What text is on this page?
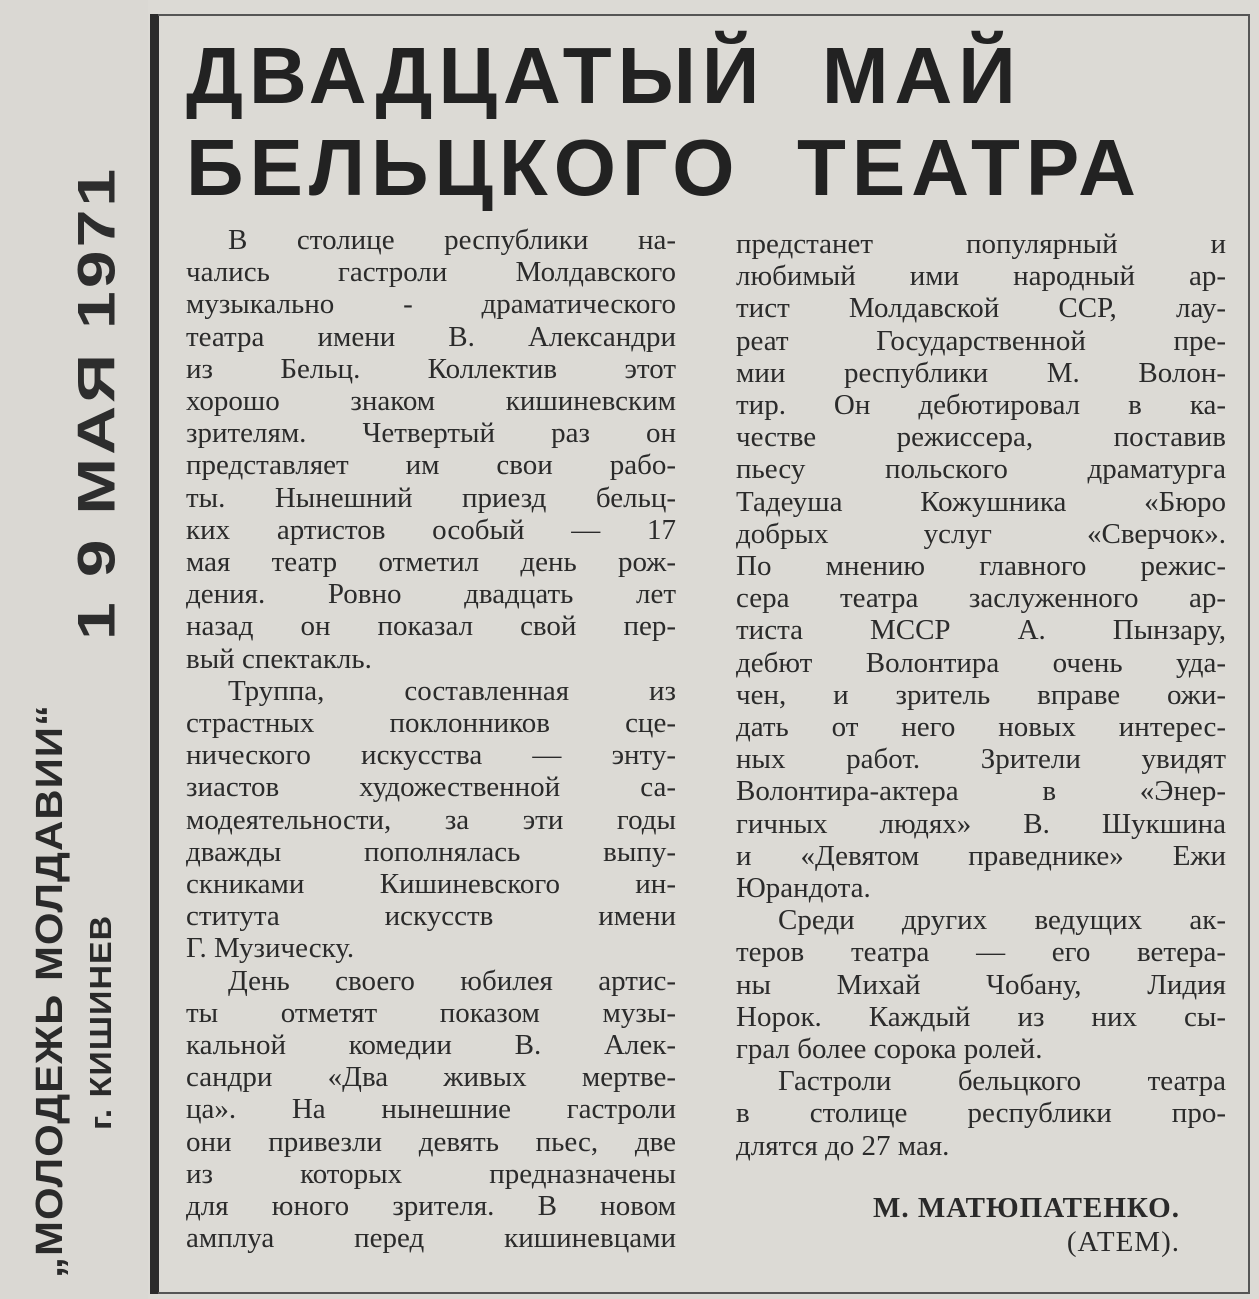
1 9 МАЯ 1971
„МОЛОДЕЖЬ МОЛДАВИИ“ г. КИШИНЕВ
ДВАДЦАТЫЙ  МАЙ
БЕЛЬЦКОГО  ТЕАТРА
В столице республики на-
чались гастроли Молдавского
музыкально - драматического
театра имени В. Александри
из Бельц. Коллектив этот
хорошо знаком кишиневским
зрителям. Четвертый раз он
представляет им свои рабо-
ты. Нынешний приезд бельц-
ких артистов особый — 17
мая театр отметил день рож-
дения. Ровно двадцать лет
назад он показал свой пер-
вый спектакль.
Труппа, составленная из
страстных поклонников сце-
нического искусства — энту-
зиастов художественной са-
модеятельности, за эти годы
дважды пополнялась выпу-
скниками Кишиневского ин-
ститута искусств имени
Г. Музическу.
День своего юбилея артис-
ты отметят показом музы-
кальной комедии В. Алек-
сандри «Два живых мертве-
ца». На нынешние гастроли
они привезли девять пьес, две
из которых предназначены
для юного зрителя. В новом
амплуа перед кишиневцами
предстанет популярный и
любимый ими народный ар-
тист Молдавской ССР, лау-
реат Государственной пре-
мии республики М. Волон-
тир. Он дебютировал в ка-
честве режиссера, поставив
пьесу польского драматурга
Тадеуша Кожушника «Бюро
добрых услуг «Сверчок».
По мнению главного режис-
сера театра заслуженного ар-
тиста МССР А. Пынзару,
дебют Волонтира очень уда-
чен, и зритель вправе ожи-
дать от него новых интерес-
ных работ. Зрители увидят
Волонтира-актера в «Энер-
гичных людях» В. Шукшина
и «Девятом праведнике» Ежи
Юрандота.
Среди других ведущих ак-
теров театра — его ветера-
ны Михай Чобану, Лидия
Норок. Каждый из них сы-
грал более сорока ролей.
Гастроли бельцкого театра
в столице республики про-
длятся до 27 мая.
М. МАТЮПАТЕНКО.
(АТЕМ).
